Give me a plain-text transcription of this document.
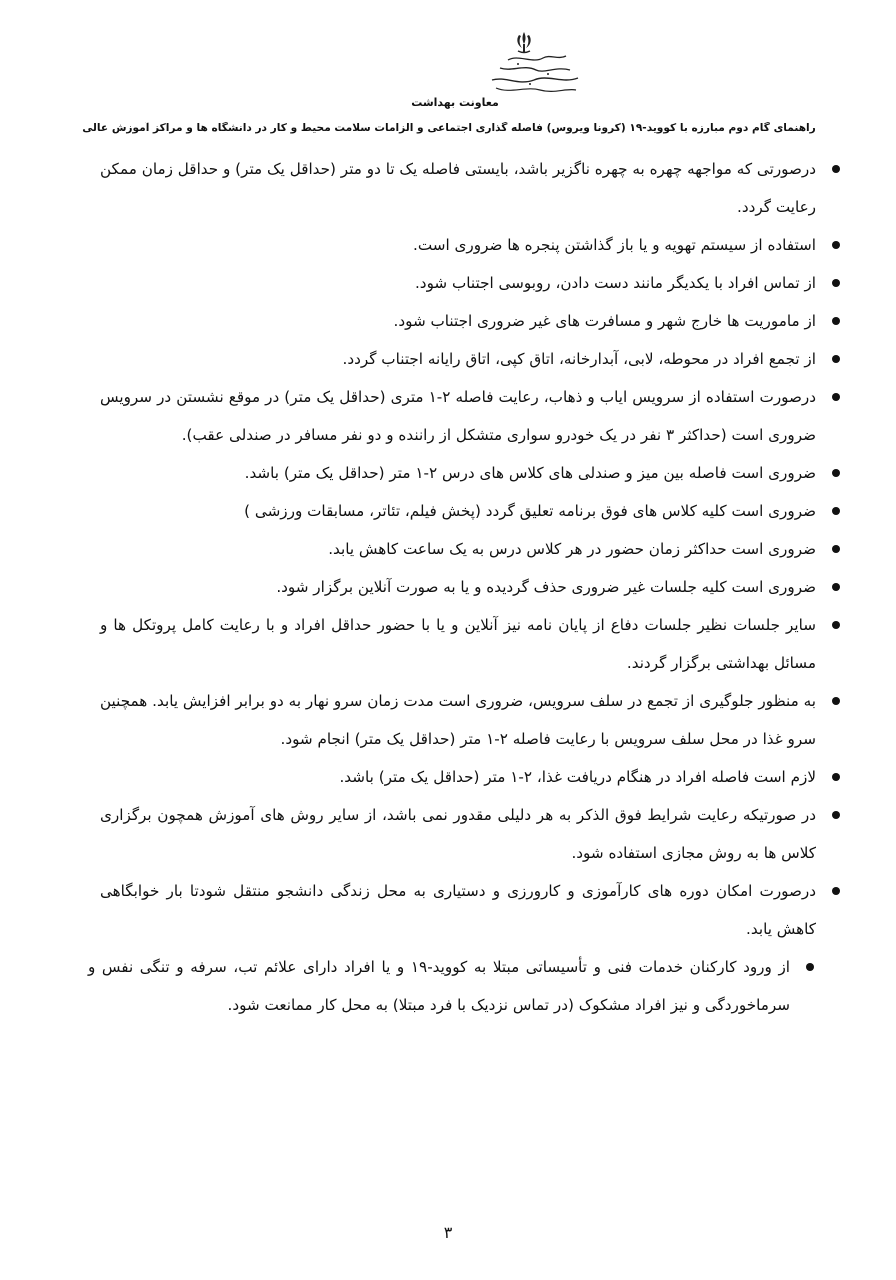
معاونت بهداشت
راهنمای گام دوم مبارزه با کووید-۱۹ (کرونا ویروس) فاصله گذاری اجتماعی و الزامات سلامت محیط و کار در دانشگاه ها و مراکز آموزش عالی
درصورتی که مواجهه چهره به چهره ناگزیر باشد، بایستی فاصله یک تا دو متر (حداقل یک متر) و حداقل زمان ممکن رعایت گردد.
استفاده از سیستم تهویه و یا باز گذاشتن پنجره ها ضروری است.
از تماس افراد با یکدیگر مانند دست دادن، روبوسی اجتناب شود.
از ماموریت ها خارج شهر و مسافرت های غیر ضروری اجتناب شود.
از تجمع افراد در محوطه، لابی، آبدارخانه، اتاق کپی، اتاق رایانه اجتناب گردد.
درصورت استفاده از سرویس ایاب و ذهاب، رعایت فاصله ۲-۱ متری (حداقل یک متر) در موقع نشستن در سرویس ضروری است (حداکثر ۳ نفر در یک خودرو سواری متشکل از راننده و دو نفر مسافر در صندلی عقب).
ضروری است فاصله بین میز و صندلی های کلاس های درس ۲-۱ متر (حداقل یک متر) باشد.
ضروری است کلیه کلاس های فوق برنامه تعلیق گردد (پخش فیلم، تئاتر، مسابقات ورزشی )
ضروری است حداکثر زمان حضور در هر کلاس درس به یک ساعت کاهش یابد.
ضروری است کلیه جلسات غیر ضروری حذف گردیده و یا به صورت آنلاین برگزار شود.
سایر جلسات نظیر جلسات دفاع از پایان نامه نیز آنلاین و یا با حضور حداقل افراد و با رعایت کامل پروتکل ها و مسائل بهداشتی برگزار گردند.
به منظور جلوگیری از تجمع در سلف سرویس، ضروری است مدت زمان سرو نهار به دو برابر افزایش یابد. همچنین سرو غذا در محل سلف سرویس با رعایت فاصله ۲-۱ متر (حداقل یک متر) انجام شود.
لازم است فاصله افراد در هنگام دریافت غذا، ۲-۱ متر (حداقل یک متر) باشد.
در صورتیکه رعایت شرایط فوق الذکر به هر دلیلی مقدور نمی باشد، از سایر روش های آموزش همچون برگزاری کلاس ها به روش مجازی استفاده شود.
درصورت امکان دوره های کارآموزی و کارورزی و دستیاری به محل زندگی دانشجو منتقل شودتا بار خوابگاهی کاهش یابد.
از ورود کارکنان خدمات فنی و تأسیساتی مبتلا به کووید-۱۹ و یا افراد دارای علائم تب، سرفه و تنگی نفس و سرماخوردگی و نیز افراد مشکوک (در تماس نزدیک با فرد مبتلا) به محل کار ممانعت شود.
۳
